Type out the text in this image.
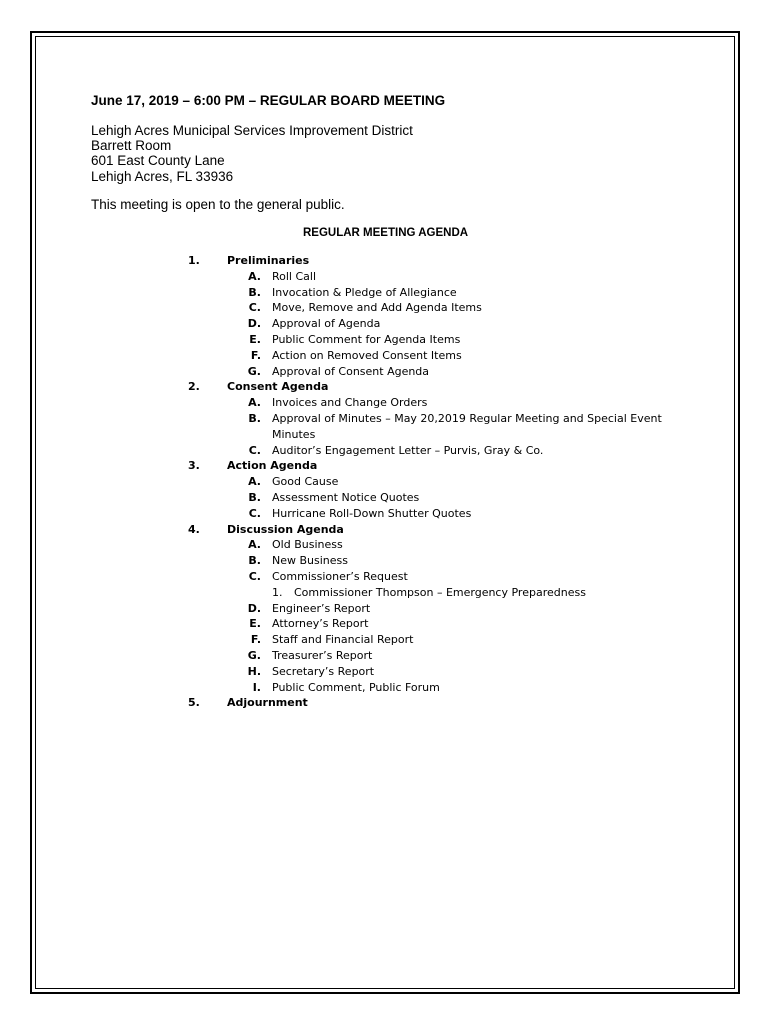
June 17, 2019 – 6:00 PM – REGULAR BOARD MEETING
Lehigh Acres Municipal Services Improvement District
Barrett Room
601 East County Lane
Lehigh Acres, FL 33936
This meeting is open to the general public.
REGULAR MEETING AGENDA
1. Preliminaries
A. Roll Call
B. Invocation & Pledge of Allegiance
C. Move, Remove and Add Agenda Items
D. Approval of Agenda
E. Public Comment for Agenda Items
F. Action on Removed Consent Items
G. Approval of Consent Agenda
2. Consent Agenda
A. Invoices and Change Orders
B. Approval of Minutes – May 20,2019 Regular Meeting and Special Event
Minutes
C. Auditor’s Engagement Letter – Purvis, Gray & Co.
3. Action Agenda
A. Good Cause
B. Assessment Notice Quotes
C. Hurricane Roll-Down Shutter Quotes
4. Discussion Agenda
A. Old Business
B. New Business
C. Commissioner’s Request
1. Commissioner Thompson – Emergency Preparedness
D. Engineer’s Report
E. Attorney’s Report
F. Staff and Financial Report
G. Treasurer’s Report
H. Secretary’s Report
I. Public Comment, Public Forum
5. Adjournment
